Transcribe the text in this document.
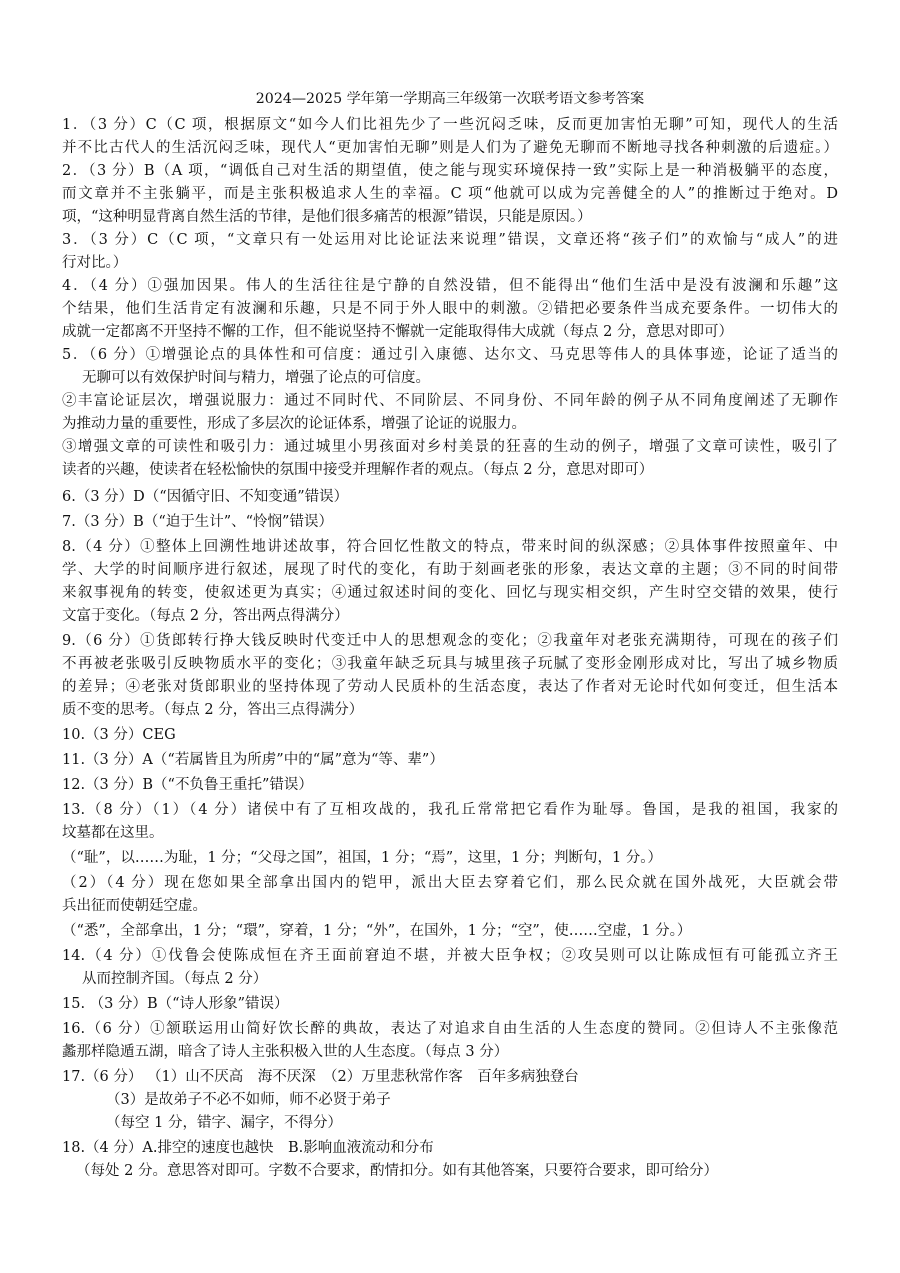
2024—2025 学年第一学期高三年级第一次联考语文参考答案
1．（3 分）C（C 项，根据原文“如今人们比祖先少了一些沉闷乏味，反而更加害怕无聊”可知，现代人的生活
并不比古代人的生活沉闷乏味，现代人“更加害怕无聊”则是人们为了避免无聊而不断地寻找各种刺激的后遗症。）
2．（3 分）B（A 项，“调低自己对生活的期望值，使之能与现实环境保持一致”实际上是一种消极躺平的态度，
而文章并不主张躺平，而是主张积极追求人生的幸福。C 项“他就可以成为完善健全的人”的推断过于绝对。D
项，“这种明显背离自然生活的节律，是他们很多痛苦的根源”错误，只能是原因。）
3．（3 分）C（C 项，“文章只有一处运用对比论证法来说理”错误，文章还将“孩子们”的欢愉与“成人”的进
行对比。）
4．（4 分）①强加因果。伟人的生活往往是宁静的自然没错，但不能得出“他们生活中是没有波澜和乐趣”这
个结果，他们生活肯定有波澜和乐趣，只是不同于外人眼中的刺激。②错把必要条件当成充要条件。一切伟大的
成就一定都离不开坚持不懈的工作，但不能说坚持不懈就一定能取得伟大成就（每点 2 分，意思对即可）
5．（6 分）①增强论点的具体性和可信度：通过引入康德、达尔文、马克思等伟人的具体事迹，论证了适当的
无聊可以有效保护时间与精力，增强了论点的可信度。
②丰富论证层次，增强说服力：通过不同时代、不同阶层、不同身份、不同年龄的例子从不同角度阐述了无聊作
为推动力量的重要性，形成了多层次的论证体系，增强了论证的说服力。
③增强文章的可读性和吸引力：通过城里小男孩面对乡村美景的狂喜的生动的例子，增强了文章可读性，吸引了
读者的兴趣，使读者在轻松愉快的氛围中接受并理解作者的观点。（每点 2 分，意思对即可）
6.（3 分）D（“因循守旧、不知变通”错误）
7.（3 分）B（“迫于生计”、“怜悯”错误）
8.（4 分）①整体上回溯性地讲述故事，符合回忆性散文的特点，带来时间的纵深感；②具体事件按照童年、中
学、大学的时间顺序进行叙述，展现了时代的变化，有助于刻画老张的形象，表达文章的主题；③不同的时间带
来叙事视角的转变，使叙述更为真实；④通过叙述时间的变化、回忆与现实相交织，产生时空交错的效果，使行
文富于变化。（每点 2 分，答出两点得满分）
9.（6 分）①货郎转行挣大钱反映时代变迁中人的思想观念的变化；②我童年对老张充满期待，可现在的孩子们
不再被老张吸引反映物质水平的变化；③我童年缺乏玩具与城里孩子玩腻了变形金刚形成对比，写出了城乡物质
的差异；④老张对货郎职业的坚持体现了劳动人民质朴的生活态度，表达了作者对无论时代如何变迁，但生活本
质不变的思考。（每点 2 分，答出三点得满分）
10.（3 分）CEG
11.（3 分）A（“若属皆且为所虏”中的“属”意为“等、辈”）
12.（3 分）B（“不负鲁王重托”错误）
13.（8 分）（1）（4 分）诸侯中有了互相攻战的，我孔丘常常把它看作为耻辱。鲁国，是我的祖国，我家的
坟墓都在这里。
（“耻”，以……为耻，1 分；“父母之国”，祖国，1 分；“焉”，这里，1 分；判断句，1 分。）
（2）（4 分）现在您如果全部拿出国内的铠甲，派出大臣去穿着它们，那么民众就在国外战死，大臣就会带
兵出征而使朝廷空虚。
（“悉”，全部拿出，1 分；“環”，穿着，1 分；“外”，在国外，1 分；“空”，使……空虚，1 分。）
14.（4 分）①伐鲁会使陈成恒在齐王面前窘迫不堪，并被大臣争权；②攻吴则可以让陈成恒有可能孤立齐王
从而控制齐国。（每点 2 分）
15. （3 分）B（“诗人形象”错误）
16.（6 分）①颔联运用山简好饮长醉的典故，表达了对追求自由生活的人生态度的赞同。②但诗人不主张像范
蠡那样隐遁五湖，暗含了诗人主张积极入世的人生态度。（每点 3 分）
17.（6 分） （1）山不厌高　海不厌深　（2）万里悲秋常作客　百年多病独登台
（3）是故弟子不必不如师，师不必贤于弟子
（每空 1 分，错字、漏字，不得分）
18.（4 分）A.排空的速度也越快　B.影响血液流动和分布
（每处 2 分。意思答对即可。字数不合要求，酌情扣分。如有其他答案，只要符合要求，即可给分）
